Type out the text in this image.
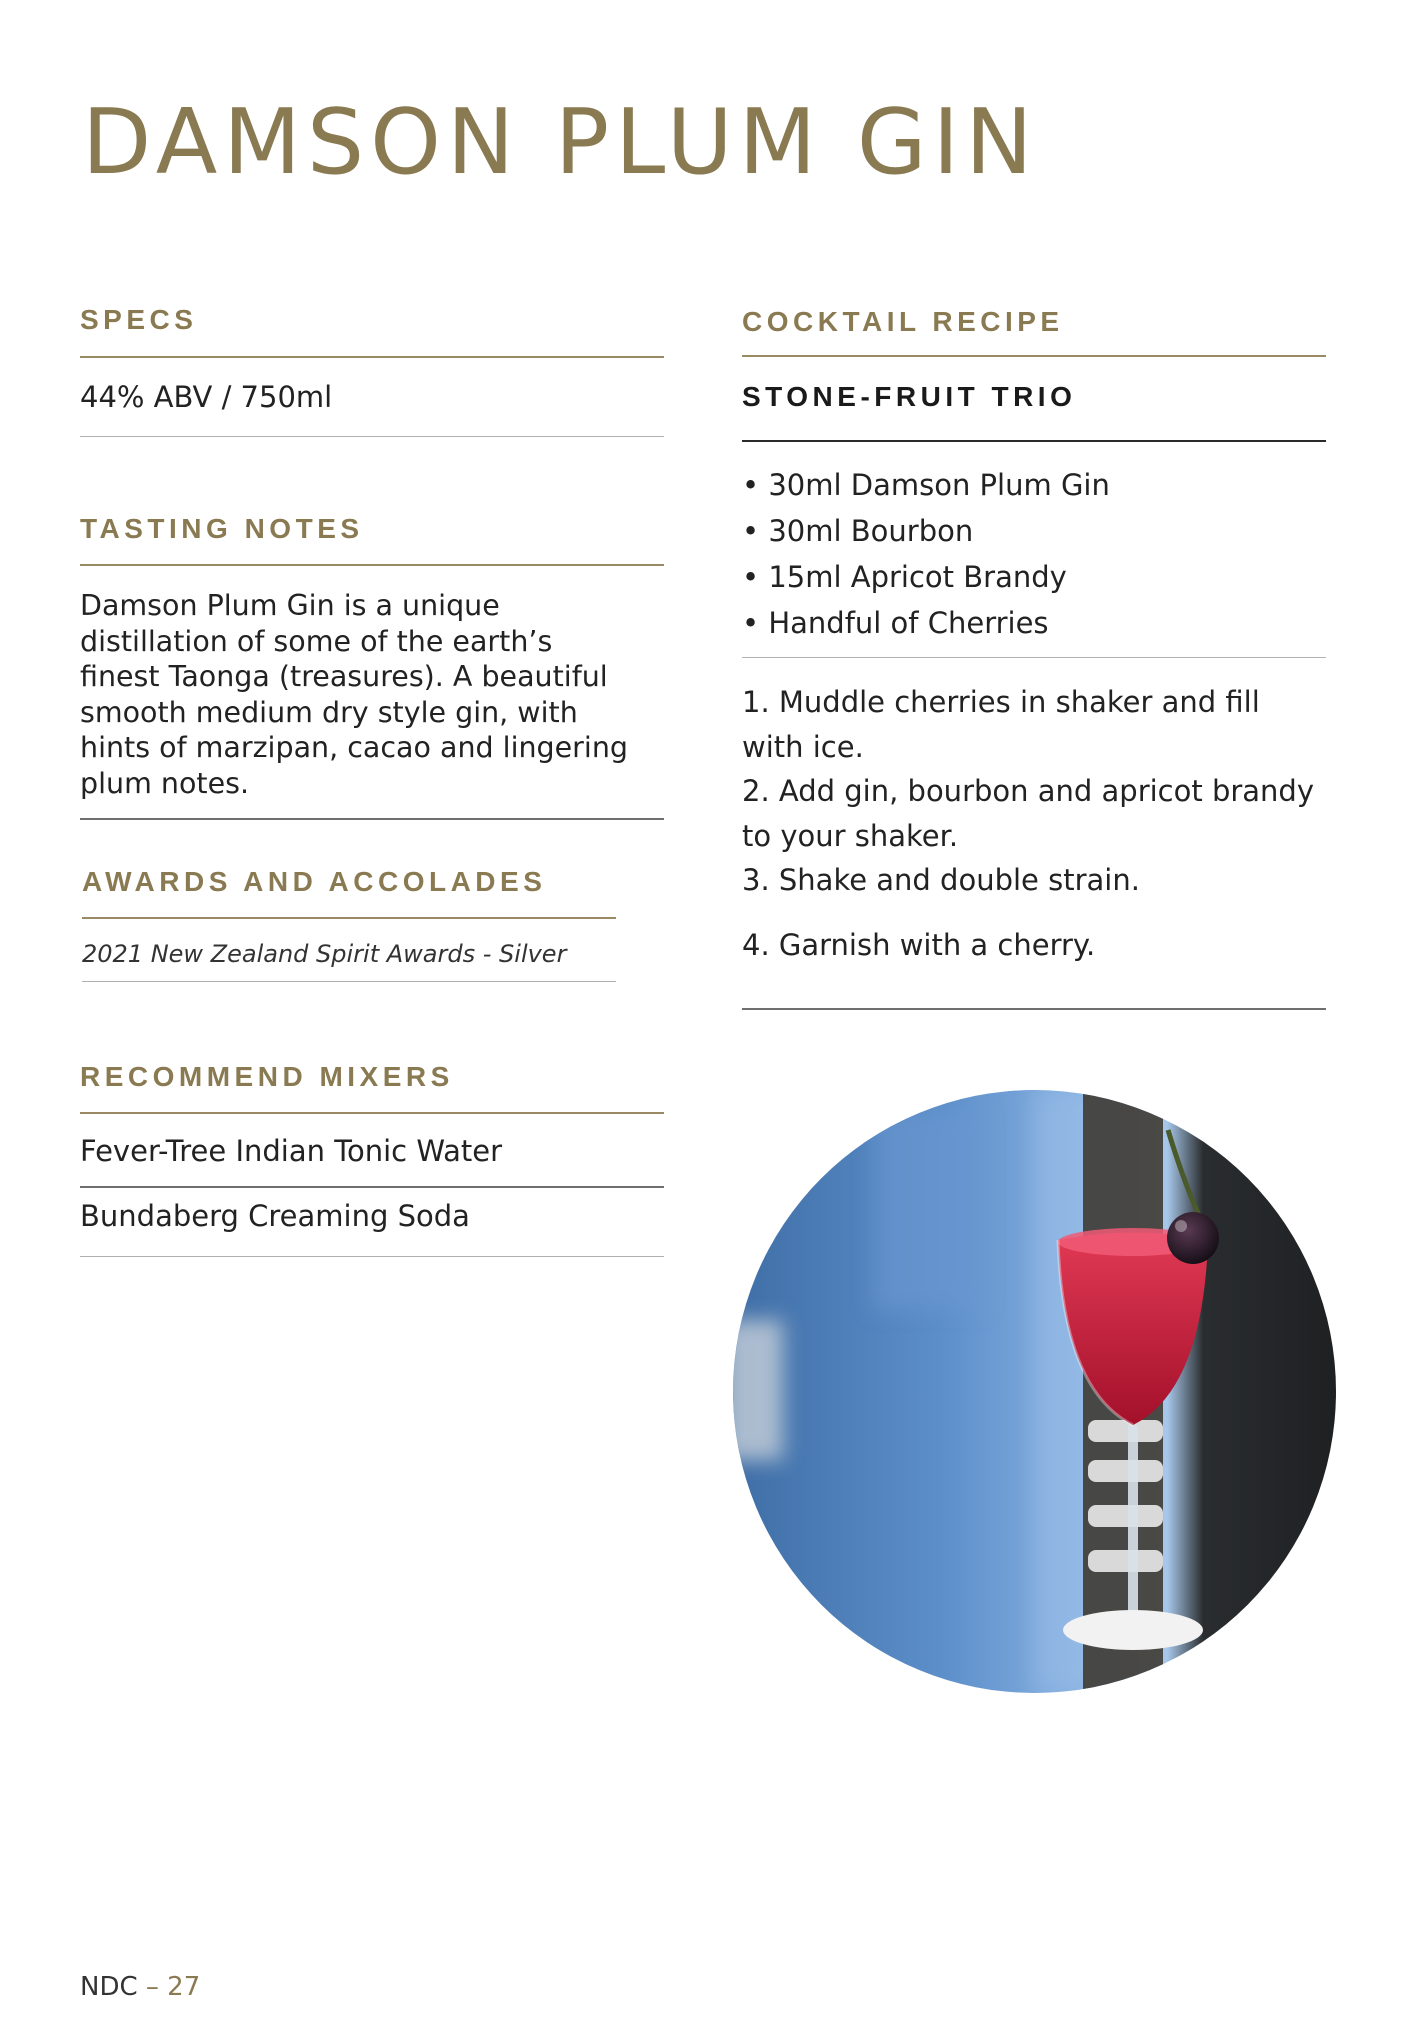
DAMSON PLUM GIN
SPECS

44% ABV / 750ml

TASTING NOTES

Damson Plum Gin is a unique distillation of some of the earth’s finest Taonga (treasures). A beautiful smooth medium dry style gin, with hints of marzipan, cacao and lingering plum notes.

AWARDS AND ACCOLADES

2021 New Zealand Spirit Awards - Silver

RECOMMEND MIXERS

Fever-Tree Indian Tonic Water

Bundaberg Creaming Soda

COCKTAIL RECIPE
STONE-FRUIT TRIO
• 30ml Damson Plum Gin
• 30ml Bourbon
• 15ml Apricot Brandy
• Handful of Cherries
1. Muddle cherries in shaker and fill with ice.
2. Add gin, bourbon and apricot brandy to your shaker.
3. Shake and double strain.
4. Garnish with a cherry.

NDC – 27
